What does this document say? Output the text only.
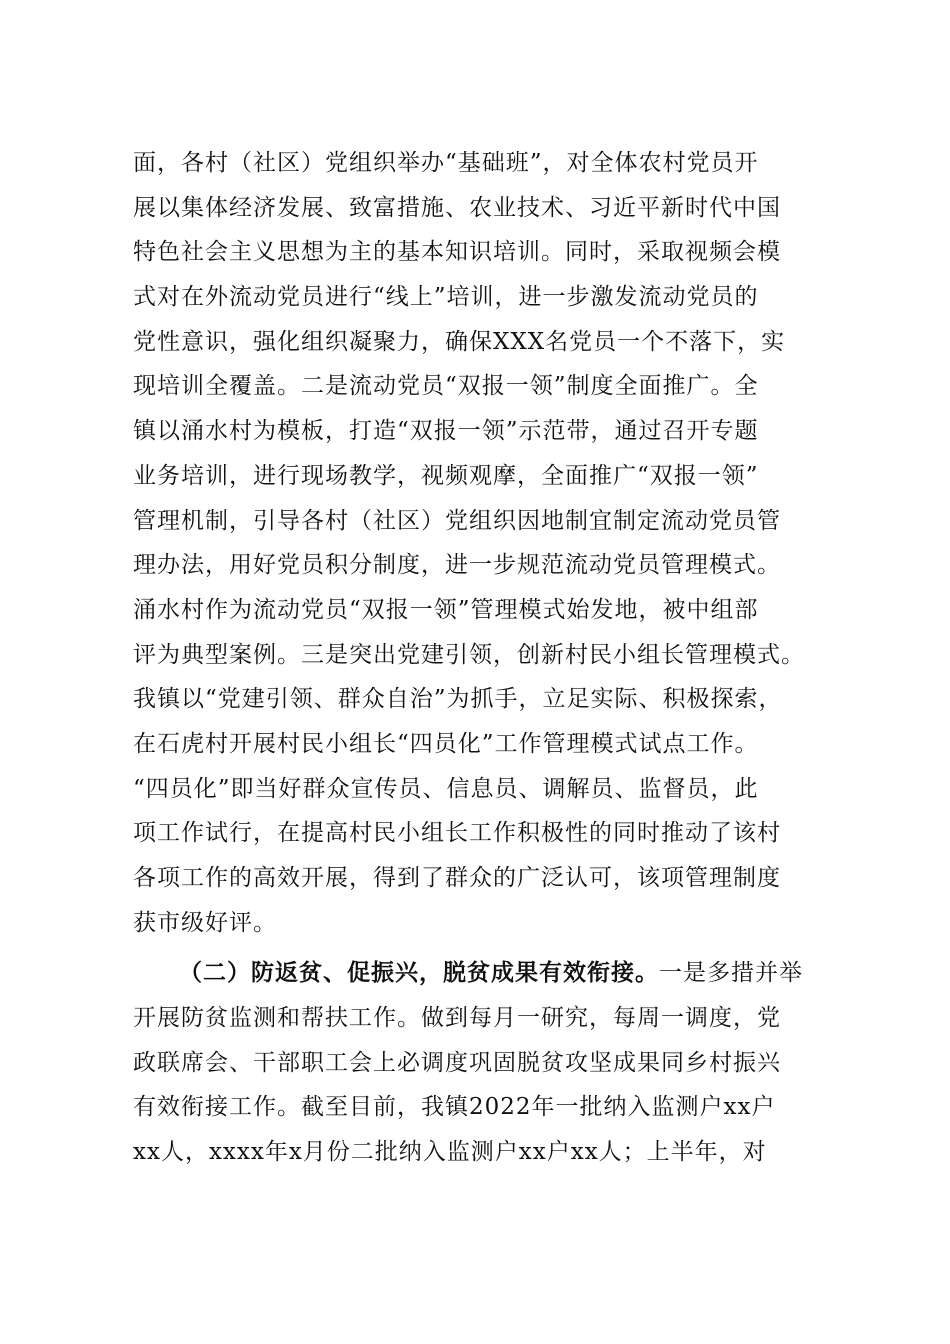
面，各村（社区）党组织举办“基础班”，对全体农村党员开
展以集体经济发展、致富措施、农业技术、习近平新时代中国
特色社会主义思想为主的基本知识培训。同时，采取视频会模
式对在外流动党员进行“线上”培训，进一步激发流动党员的
党性意识，强化组织凝聚力，确保XXX名党员一个不落下，实
现培训全覆盖。二是流动党员“双报一领”制度全面推广。全
镇以涌水村为模板，打造“双报一领”示范带，通过召开专题
业务培训，进行现场教学，视频观摩，全面推广“双报一领”
管理机制，引导各村（社区）党组织因地制宜制定流动党员管
理办法，用好党员积分制度，进一步规范流动党员管理模式。
涌水村作为流动党员“双报一领”管理模式始发地，被中组部
评为典型案例。三是突出党建引领，创新村民小组长管理模式。
我镇以“党建引领、群众自治”为抓手，立足实际、积极探索，
在石虎村开展村民小组长“四员化”工作管理模式试点工作。
“四员化”即当好群众宣传员、信息员、调解员、监督员，此
项工作试行，在提高村民小组长工作积极性的同时推动了该村
各项工作的高效开展，得到了群众的广泛认可，该项管理制度
获市级好评。
（二）防返贫、促振兴，脱贫成果有效衔接。一是多措并举
开展防贫监测和帮扶工作。做到每月一研究，每周一调度，党
政联席会、干部职工会上必调度巩固脱贫攻坚成果同乡村振兴
有效衔接工作。截至目前，我镇2022年一批纳入监测户xx户
xx人，xxxx年x月份二批纳入监测户xx户xx人；上半年，对
